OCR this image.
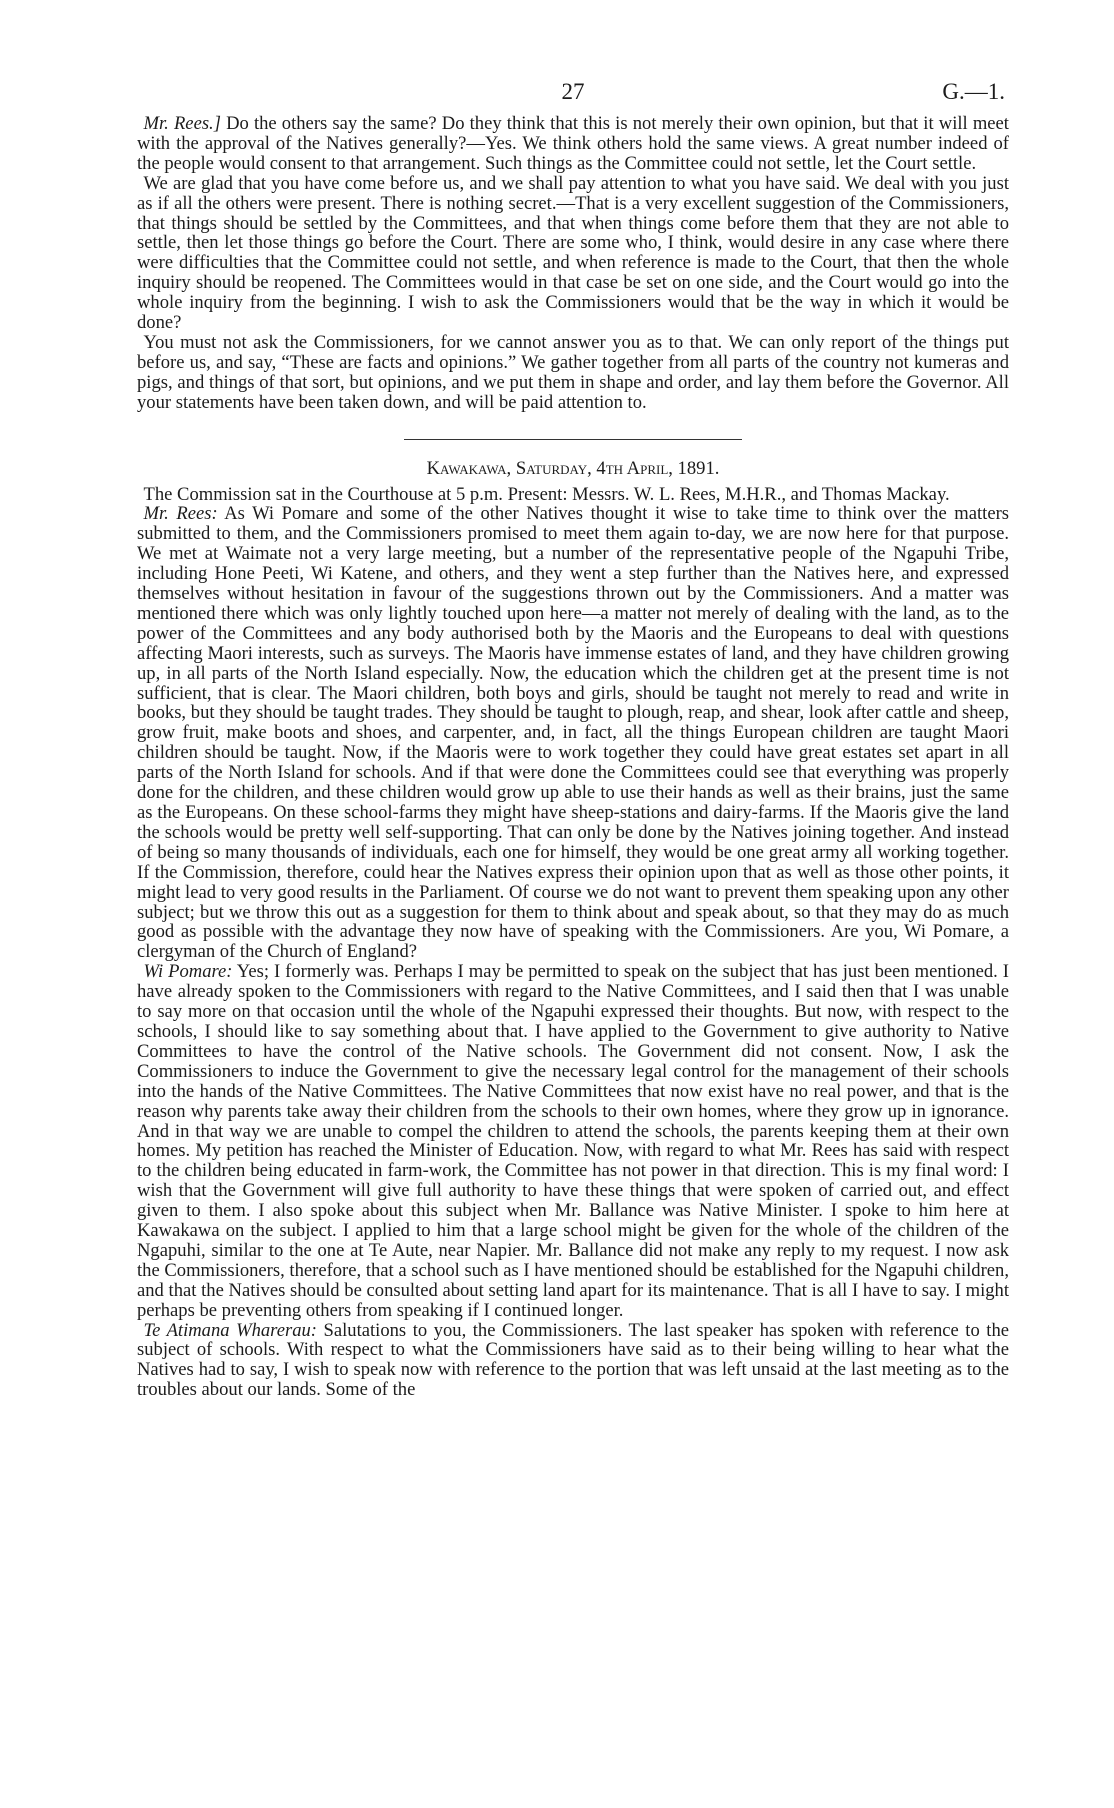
27	G.—1.

Mr. Rees.] Do the others say the same? Do they think that this is not merely their own opinion, but that it will meet with the approval of the Natives generally?—Yes. We think others hold the same views. A great number indeed of the people would consent to that arrangement. Such things as the Committee could not settle, let the Court settle.

We are glad that you have come before us, and we shall pay attention to what you have said. We deal with you just as if all the others were present. There is nothing secret.—That is a very excellent suggestion of the Commissioners, that things should be settled by the Committees, and that when things come before them that they are not able to settle, then let those things go before the Court. There are some who, I think, would desire in any case where there were difficulties that the Committee could not settle, and when reference is made to the Court, that then the whole inquiry should be reopened. The Committees would in that case be set on one side, and the Court would go into the whole inquiry from the beginning. I wish to ask the Commissioners would that be the way in which it would be done?

You must not ask the Commissioners, for we cannot answer you as to that. We can only report of the things put before us, and say, “These are facts and opinions.” We gather together from all parts of the country not kumeras and pigs, and things of that sort, but opinions, and we put them in shape and order, and lay them before the Governor. All your statements have been taken down, and will be paid attention to.

Kawakawa, Saturday, 4th April, 1891.

The Commission sat in the Courthouse at 5 p.m. Present: Messrs. W. L. Rees, M.H.R., and Thomas Mackay.

Mr. Rees: As Wi Pomare and some of the other Natives thought it wise to take time to think over the matters submitted to them, and the Commissioners promised to meet them again to-day, we are now here for that purpose. We met at Waimate not a very large meeting, but a number of the representative people of the Ngapuhi Tribe, including Hone Peeti, Wi Katene, and others, and they went a step further than the Natives here, and expressed themselves without hesitation in favour of the suggestions thrown out by the Commissioners. And a matter was mentioned there which was only lightly touched upon here—a matter not merely of dealing with the land, as to the power of the Committees and any body authorised both by the Maoris and the Europeans to deal with questions affecting Maori interests, such as surveys. The Maoris have immense estates of land, and they have children growing up, in all parts of the North Island especially. Now, the education which the children get at the present time is not sufficient, that is clear. The Maori children, both boys and girls, should be taught not merely to read and write in books, but they should be taught trades. They should be taught to plough, reap, and shear, look after cattle and sheep, grow fruit, make boots and shoes, and carpenter, and, in fact, all the things European children are taught Maori children should be taught. Now, if the Maoris were to work together they could have great estates set apart in all parts of the North Island for schools. And if that were done the Committees could see that everything was properly done for the children, and these children would grow up able to use their hands as well as their brains, just the same as the Europeans. On these school-farms they might have sheep-stations and dairy-farms. If the Maoris give the land the schools would be pretty well self-supporting. That can only be done by the Natives joining together. And instead of being so many thousands of individuals, each one for himself, they would be one great army all working together. If the Commission, therefore, could hear the Natives express their opinion upon that as well as those other points, it might lead to very good results in the Parliament. Of course we do not want to prevent them speaking upon any other subject; but we throw this out as a suggestion for them to think about and speak about, so that they may do as much good as possible with the advantage they now have of speaking with the Commissioners. Are you, Wi Pomare, a clergyman of the Church of England?

Wi Pomare: Yes; I formerly was. Perhaps I may be permitted to speak on the subject that has just been mentioned. I have already spoken to the Commissioners with regard to the Native Committees, and I said then that I was unable to say more on that occasion until the whole of the Ngapuhi expressed their thoughts. But now, with respect to the schools, I should like to say something about that. I have applied to the Government to give authority to Native Committees to have the control of the Native schools. The Government did not consent. Now, I ask the Commissioners to induce the Government to give the necessary legal control for the management of their schools into the hands of the Native Committees. The Native Committees that now exist have no real power, and that is the reason why parents take away their children from the schools to their own homes, where they grow up in ignorance. And in that way we are unable to compel the children to attend the schools, the parents keeping them at their own homes. My petition has reached the Minister of Education. Now, with regard to what Mr. Rees has said with respect to the children being educated in farm-work, the Committee has not power in that direction. This is my final word: I wish that the Government will give full authority to have these things that were spoken of carried out, and effect given to them. I also spoke about this subject when Mr. Ballance was Native Minister. I spoke to him here at Kawakawa on the subject. I applied to him that a large school might be given for the whole of the children of the Ngapuhi, similar to the one at Te Aute, near Napier. Mr. Ballance did not make any reply to my request. I now ask the Commissioners, therefore, that a school such as I have mentioned should be established for the Ngapuhi children, and that the Natives should be consulted about setting land apart for its maintenance. That is all I have to say. I might perhaps be preventing others from speaking if I continued longer.

Te Atimana Wharerau: Salutations to you, the Commissioners. The last speaker has spoken with reference to the subject of schools. With respect to what the Commissioners have said as to their being willing to hear what the Natives had to say, I wish to speak now with reference to the portion that was left unsaid at the last meeting as to the troubles about our lands. Some of the
